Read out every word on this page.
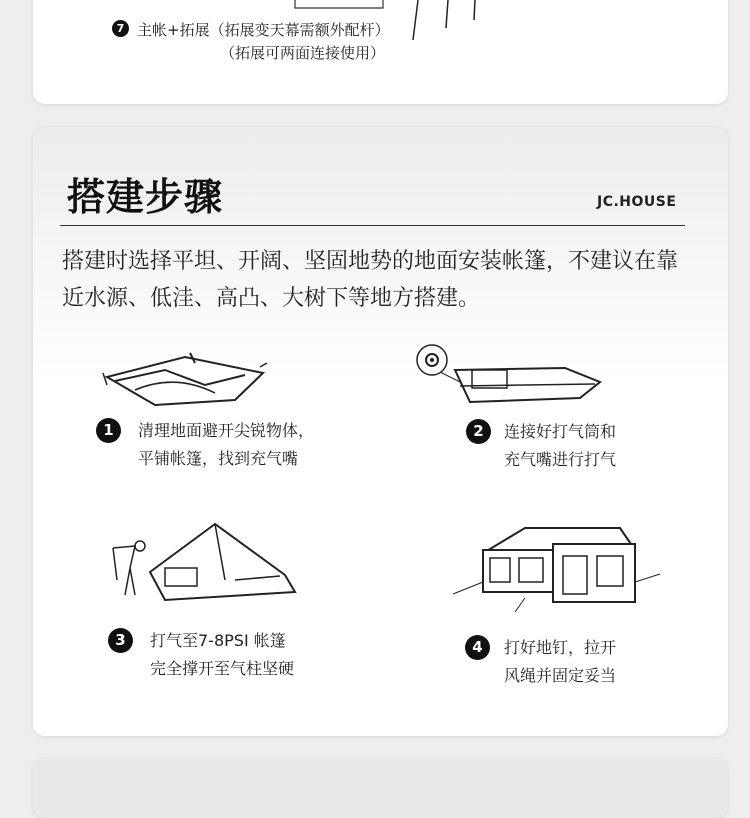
7 主帐+拓展（拓展变天幕需额外配杆）
（拓展可两面连接使用）
搭建步骤	JC.HOUSE
搭建时选择平坦、开阔、坚固地势的地面安装帐篷，不建议在靠近水源、低洼、高凸、大树下等地方搭建。
1	清理地面避开尖锐物体，
平铺帐篷，找到充气嘴
2	连接好打气筒和
充气嘴进行打气
3	打气至7-8PSI 帐篷
完全撑开至气柱坚硬
4	打好地钉，拉开
风绳并固定妥当
